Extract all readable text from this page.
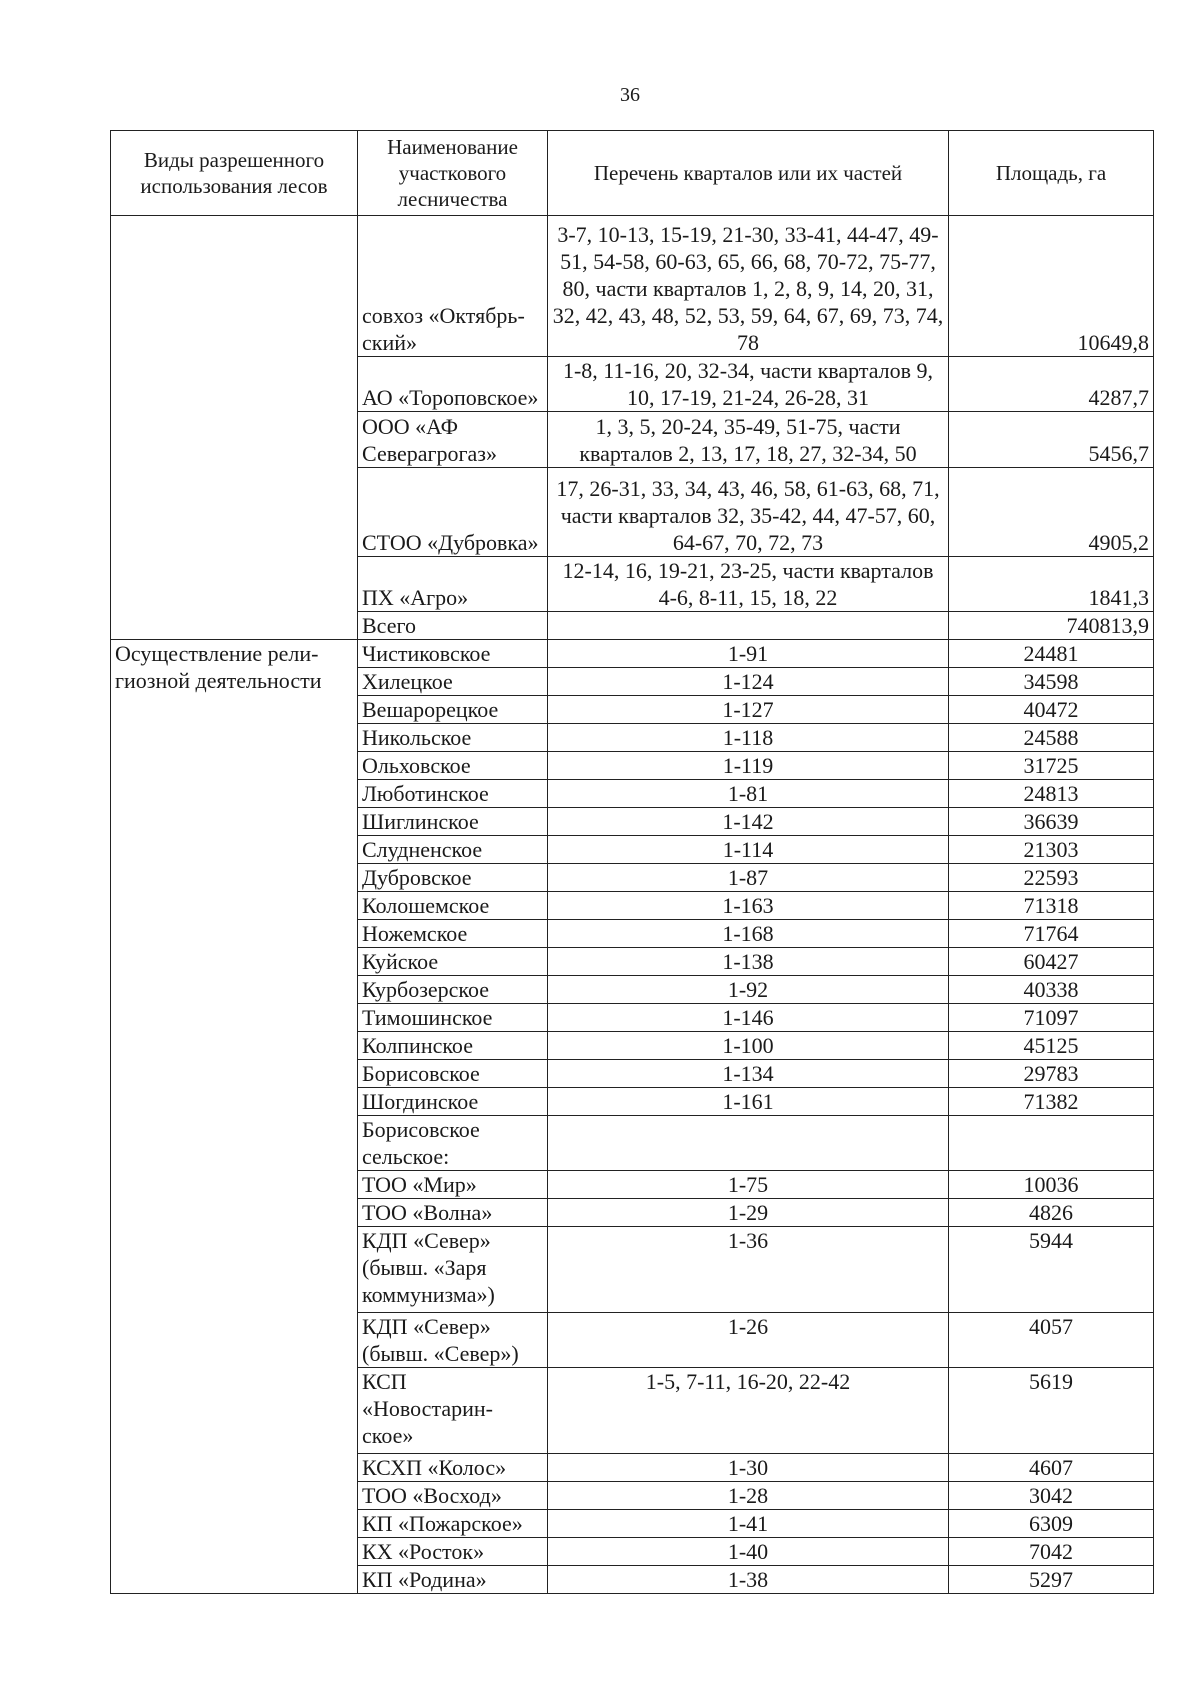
36
Виды разрешенного использования лесов	Наименование участкового лесничества	Перечень кварталов или их частей	Площадь, га
	совхоз «Октябрь-ский»	3-7, 10-13, 15-19, 21-30, 33-41, 44-47, 49-51, 54-58, 60-63, 65, 66, 68, 70-72, 75-77, 80, части кварталов 1, 2, 8, 9, 14, 20, 31, 32, 42, 43, 48, 52, 53, 59, 64, 67, 69, 73, 74, 78	10649,8
	АО «Тороповское»	1-8, 11-16, 20, 32-34, части кварталов 9, 10, 17-19, 21-24, 26-28, 31	4287,7
	ООО «АФ Северагрогаз»	1, 3, 5, 20-24, 35-49, 51-75, части кварталов 2, 13, 17, 18, 27, 32-34, 50	5456,7
	СТОО «Дубровка»	17, 26-31, 33, 34, 43, 46, 58, 61-63, 68, 71, части кварталов 32, 35-42, 44, 47-57, 60, 64-67, 70, 72, 73	4905,2
	ПХ «Агро»	12-14, 16, 19-21, 23-25, части кварталов 4-6, 8-11, 15, 18, 22	1841,3
	Всего		740813,9
Осуществление рели-гиозной деятельности	Чистиковское	1-91	24481
	Хилецкое	1-124	34598
	Вешарорецкое	1-127	40472
	Никольское	1-118	24588
	Ольховское	1-119	31725
	Люботинское	1-81	24813
	Шиглинское	1-142	36639
	Слудненское	1-114	21303
	Дубровское	1-87	22593
	Колошемское	1-163	71318
	Ножемское	1-168	71764
	Куйское	1-138	60427
	Курбозерское	1-92	40338
	Тимошинское	1-146	71097
	Колпинское	1-100	45125
	Борисовское	1-134	29783
	Шогдинское	1-161	71382
	Борисовское сельское:		
	ТОО «Мир»	1-75	10036
	ТОО «Волна»	1-29	4826
	КДП «Север» (бывш. «Заря коммунизма»)	1-36	5944
	КДП «Север» (бывш. «Север»)	1-26	4057
	КСП «Новостарин-ское»	1-5, 7-11, 16-20, 22-42	5619
	КСХП «Колос»	1-30	4607
	ТОО «Восход»	1-28	3042
	КП «Пожарское»	1-41	6309
	КХ «Росток»	1-40	7042
	КП «Родина»	1-38	5297
